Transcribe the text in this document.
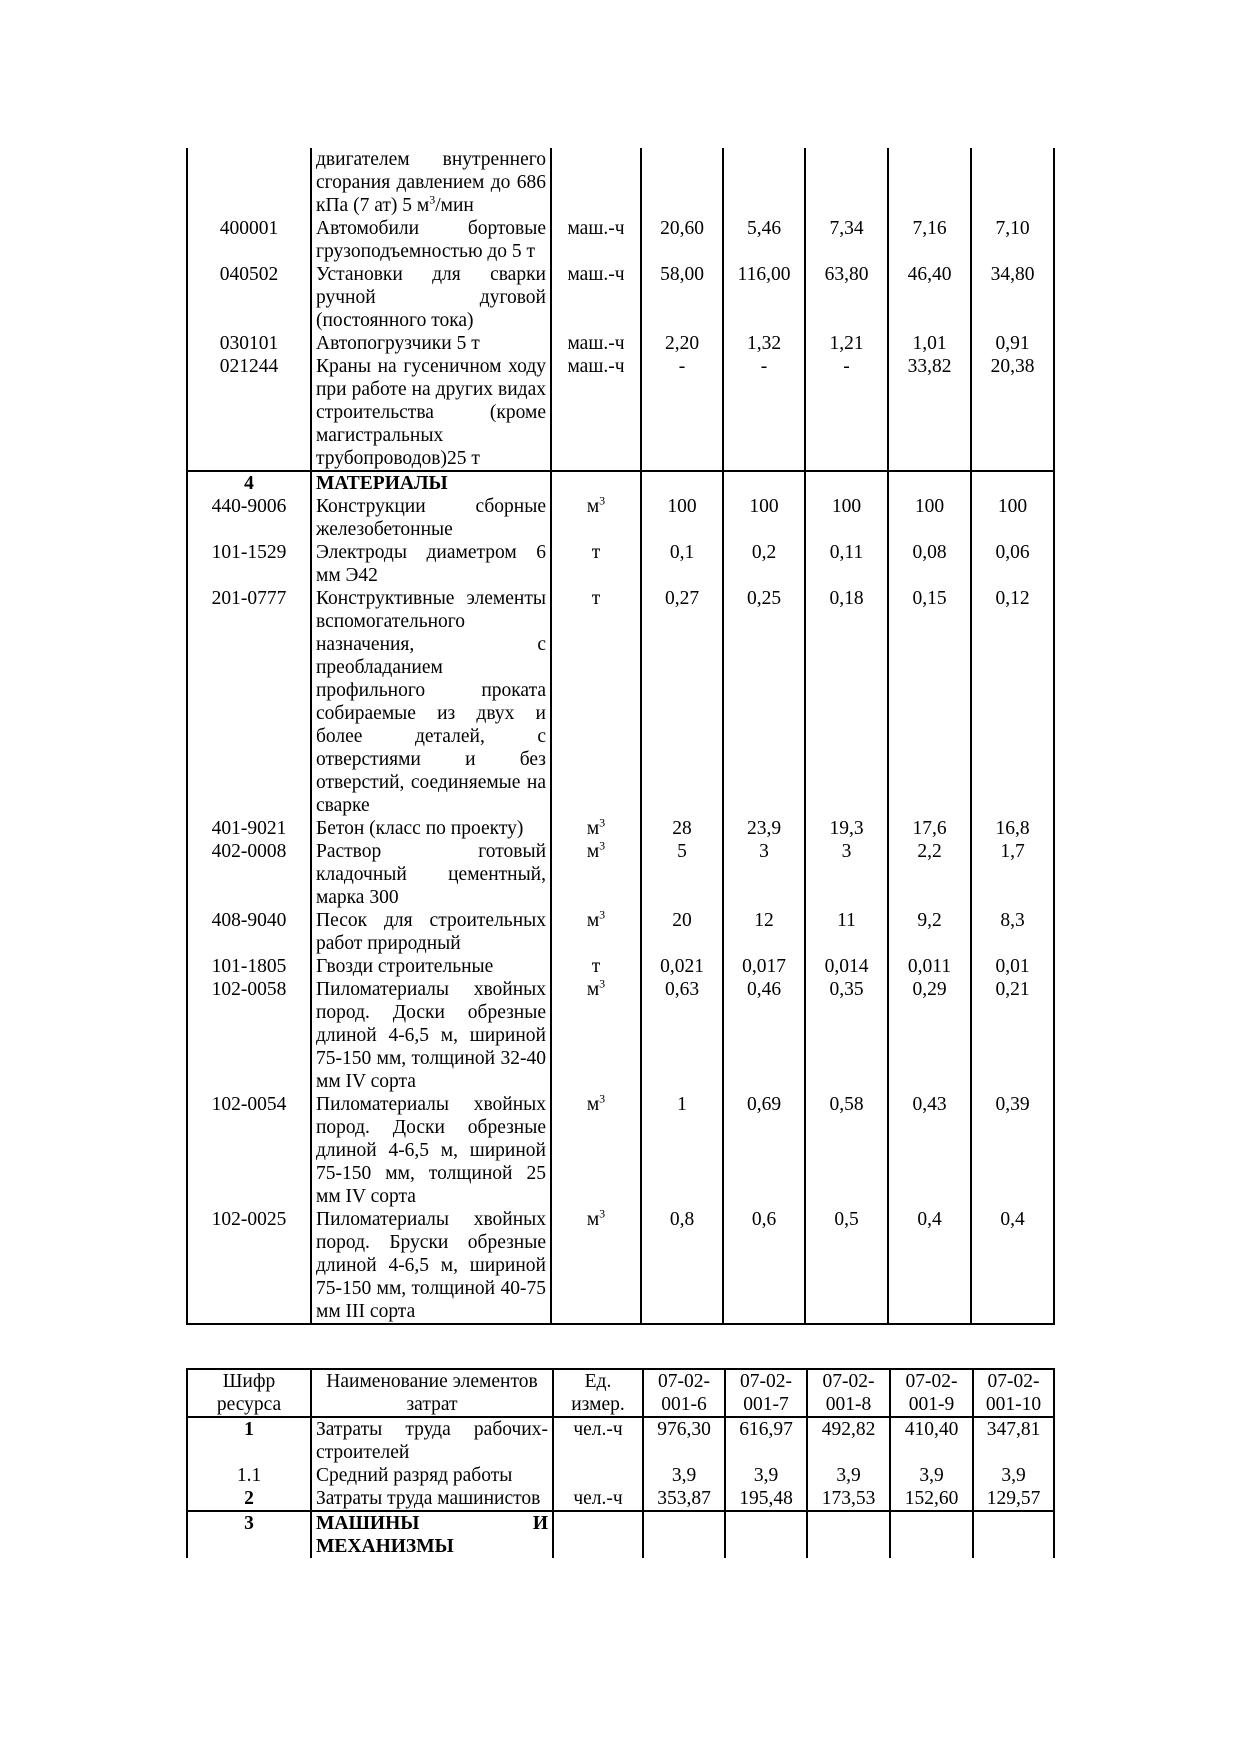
	двигателем внутреннего сгорания давлением до 686 кПа (7 ат) 5 $м^3$/мин						
400001	Автомобили бортовые грузоподъемностью до 5 т	маш.-ч	20,60	5,46	7,34	7,16	7,10
040502	Установки для сварки ручной дуговой (постоянного тока)	маш.-ч	58,00	116,00	63,80	46,40	34,80
030101	Автопогрузчики 5 т	маш.-ч	2,20	1,32	1,21	1,01	0,91
021244	Краны на гусеничном ходу при работе на других видах строительства (кроме магистральных трубопроводов)25 т	маш.-ч	-	-	-	33,82	20,38
4	МАТЕРИАЛЫ						
440-9006	Конструкции сборные железобетонные	$м^3$	100	100	100	100	100
101-1529	Электроды диаметром 6 мм Э42	т	0,1	0,2	0,11	0,08	0,06
201-0777	Конструктивные элементы вспомогательного назначения, с преобладанием профильного проката собираемые из двух и более деталей, с отверстиями и без отверстий, соединяемые на сварке	т	0,27	0,25	0,18	0,15	0,12
401-9021	Бетон (класс по проекту)	$м^3$	28	23,9	19,3	17,6	16,8
402-0008	Раствор готовый кладочный цементный, марка 300	$м^3$	5	3	3	2,2	1,7
408-9040	Песок для строительных работ природный	$м^3$	20	12	11	9,2	8,3
101-1805	Гвозди строительные	т	0,021	0,017	0,014	0,011	0,01
102-0058	Пиломатериалы хвойных пород. Доски обрезные длиной 4-6,5 м, шириной 75-150 мм, толщиной 32-40 мм IV сорта	$м^3$	0,63	0,46	0,35	0,29	0,21
102-0054	Пиломатериалы хвойных пород. Доски обрезные длиной 4-6,5 м, шириной 75-150 мм, толщиной 25 мм IV сорта	$м^3$	1	0,69	0,58	0,43	0,39
102-0025	Пиломатериалы хвойных пород. Бруски обрезные длиной 4-6,5 м, шириной 75-150 мм, толщиной 40-75 мм III сорта	$м^3$	0,8	0,6	0,5	0,4	0,4
Шифр ресурса	Наименование элементов затрат	Ед. измер.	07-02-001-6	07-02-001-7	07-02-001-8	07-02-001-9	07-02-001-10
1	Затраты труда рабочих-строителей	чел.-ч	976,30	616,97	492,82	410,40	347,81
1.1	Средний разряд работы		3,9	3,9	3,9	3,9	3,9
2	Затраты труда машинистов	чел.-ч	353,87	195,48	173,53	152,60	129,57
3	МАШИНЫ И МЕХАНИЗМЫ						
